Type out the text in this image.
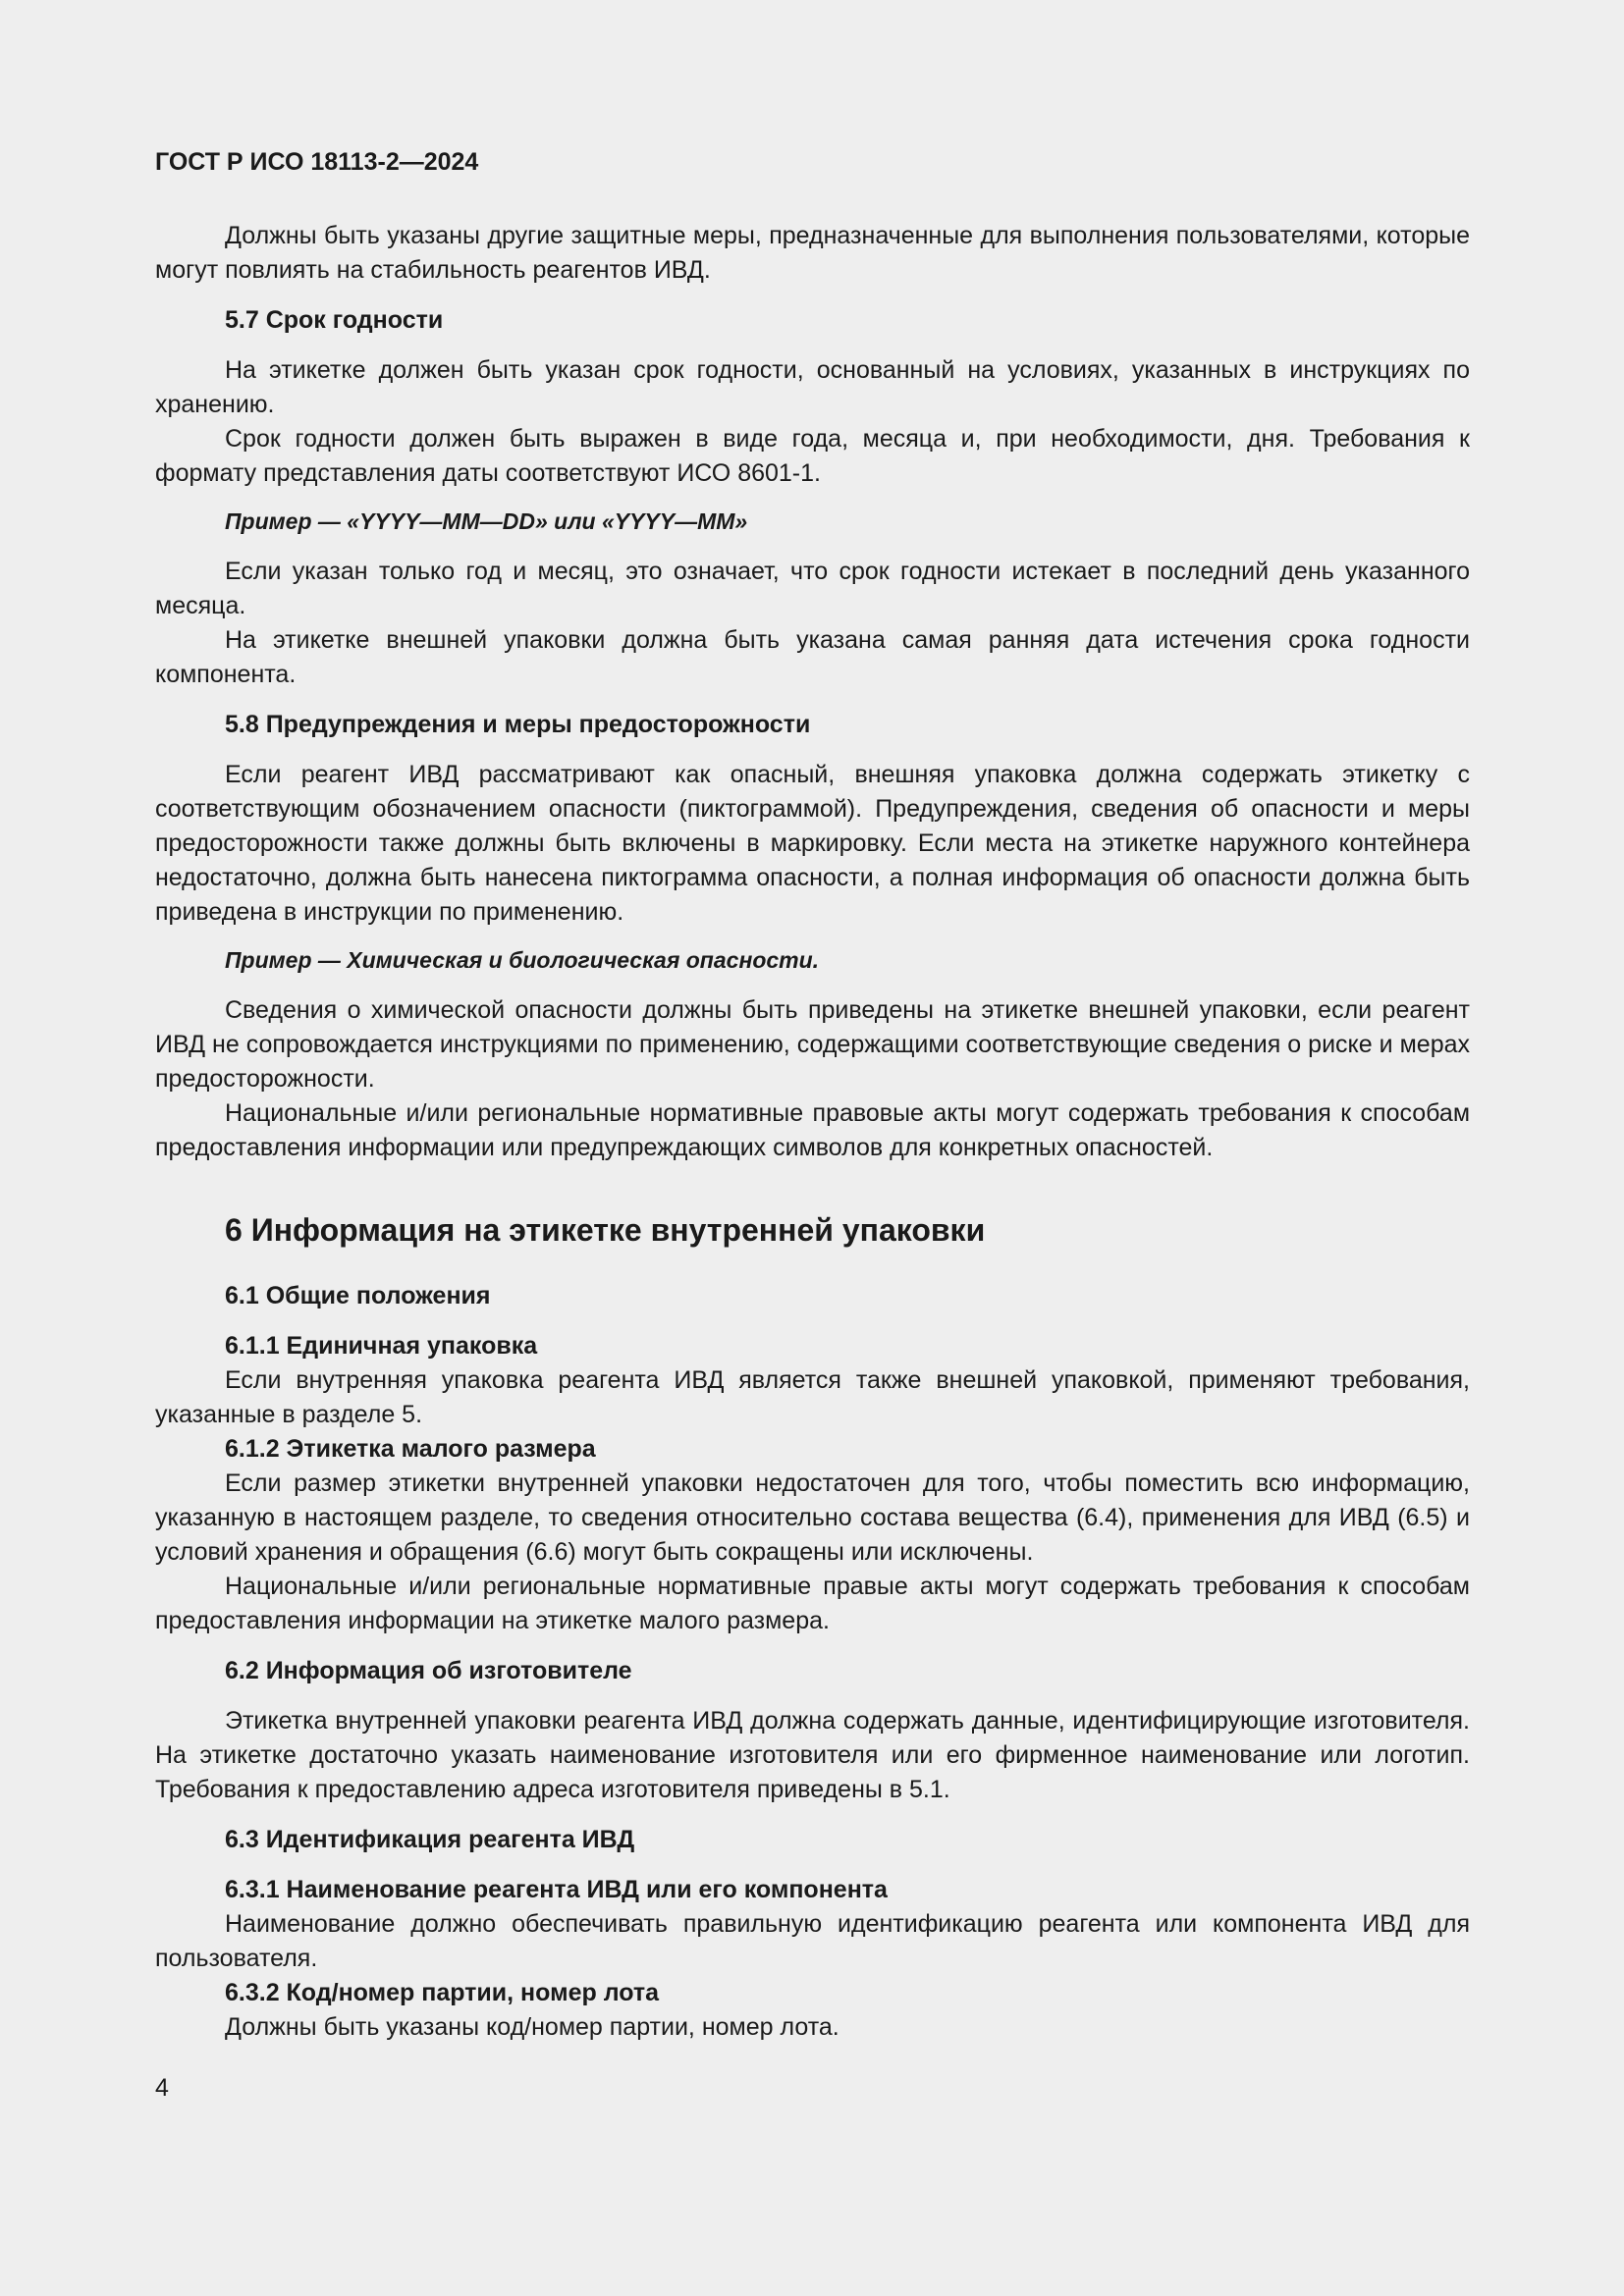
ГОСТ Р ИСО 18113-2—2024

Должны быть указаны другие защитные меры, предназначенные для выполнения пользователями, которые могут повлиять на стабильность реагентов ИВД.

5.7 Срок годности

На этикетке должен быть указан срок годности, основанный на условиях, указанных в инструкциях по хранению.

Срок годности должен быть выражен в виде года, месяца и, при необходимости, дня. Требования к формату представления даты соответствуют ИСО 8601-1.

Пример — «YYYY—MM—DD» или «YYYY—MM»

Если указан только год и месяц, это означает, что срок годности истекает в последний день указанного месяца.

На этикетке внешней упаковки должна быть указана самая ранняя дата истечения срока годности компонента.

5.8 Предупреждения и меры предосторожности

Если реагент ИВД рассматривают как опасный, внешняя упаковка должна содержать этикетку с соответствующим обозначением опасности (пиктограммой). Предупреждения, сведения об опасности и меры предосторожности также должны быть включены в маркировку. Если места на этикетке наружного контейнера недостаточно, должна быть нанесена пиктограмма опасности, а полная информация об опасности должна быть приведена в инструкции по применению.

Пример — Химическая и биологическая опасности.

Сведения о химической опасности должны быть приведены на этикетке внешней упаковки, если реагент ИВД не сопровождается инструкциями по применению, содержащими соответствующие сведения о риске и мерах предосторожности.

Национальные и/или региональные нормативные правовые акты могут содержать требования к способам предоставления информации или предупреждающих символов для конкретных опасностей.

6 Информация на этикетке внутренней упаковки
6.1 Общие положения
6.1.1 Единичная упаковка

Если внутренняя упаковка реагента ИВД является также внешней упаковкой, применяют требования, указанные в разделе 5.

6.1.2 Этикетка малого размера

Если размер этикетки внутренней упаковки недостаточен для того, чтобы поместить всю информацию, указанную в настоящем разделе, то сведения относительно состава вещества (6.4), применения для ИВД (6.5) и условий хранения и обращения (6.6) могут быть сокращены или исключены.

Национальные и/или региональные нормативные правые акты могут содержать требования к способам предоставления информации на этикетке малого размера.

6.2 Информация об изготовителе

Этикетка внутренней упаковки реагента ИВД должна содержать данные, идентифицирующие изготовителя. На этикетке достаточно указать наименование изготовителя или его фирменное наименование или логотип. Требования к предоставлению адреса изготовителя приведены в 5.1.

6.3 Идентификация реагента ИВД
6.3.1 Наименование реагента ИВД или его компонента

Наименование должно обеспечивать правильную идентификацию реагента или компонента ИВД для пользователя.

6.3.2 Код/номер партии, номер лота

Должны быть указаны код/номер партии, номер лота.

4
